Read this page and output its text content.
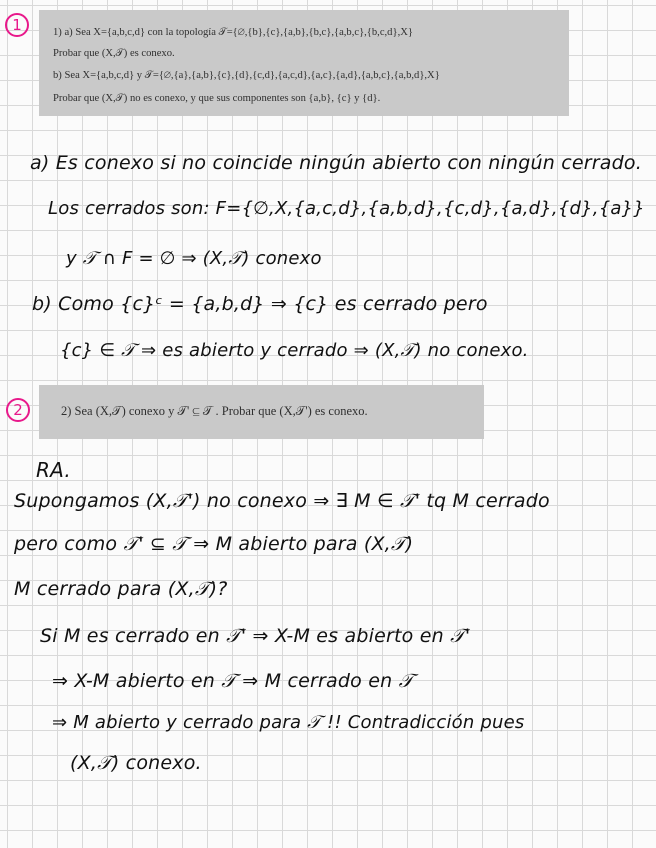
1	1) a) Sea X={a,b,c,d} con la topología 𝒯={∅,{b},{c},{a,b},{b,c},{a,b,c},{b,c,d},X}
Probar que (X,𝒯) es conexo.
b) Sea X={a,b,c,d} y 𝒯={∅,{a},{a,b},{c},{d},{c,d},{a,c,d},{a,c},{a,d},{a,b,c},{a,b,d},X}
Probar que (X,𝒯) no es conexo, y que sus componentes son {a,b}, {c} y {d}.
a) Es conexo si no coincide ningún abierto con ningún cerrado.
Los cerrados son: F={∅,X,{a,c,d},{a,b,d},{c,d},{a,d},{d},{a}}
y 𝒯 ∩ F = ∅ ⇒ (X,𝒯) conexo
b) Como {c}ᶜ = {a,b,d} ⇒ {c} es cerrado pero
{c} ∈ 𝒯 ⇒ es abierto y cerrado ⇒ (X,𝒯) no conexo.
2	2) Sea (X,𝒯) conexo y 𝒯' ⊆ 𝒯 . Probar que (X,𝒯') es conexo.
RA.
Supongamos (X,𝒯') no conexo ⇒ ∃ M ∈ 𝒯' tq M cerrado
pero como 𝒯' ⊆ 𝒯 ⇒ M abierto para (X,𝒯)
M cerrado para (X,𝒯)?
Si M es cerrado en 𝒯' ⇒ X-M es abierto en 𝒯'
⇒ X-M abierto en 𝒯 ⇒ M cerrado en 𝒯
⇒ M abierto y cerrado para 𝒯 !! Contradicción pues
(X,𝒯) conexo.
